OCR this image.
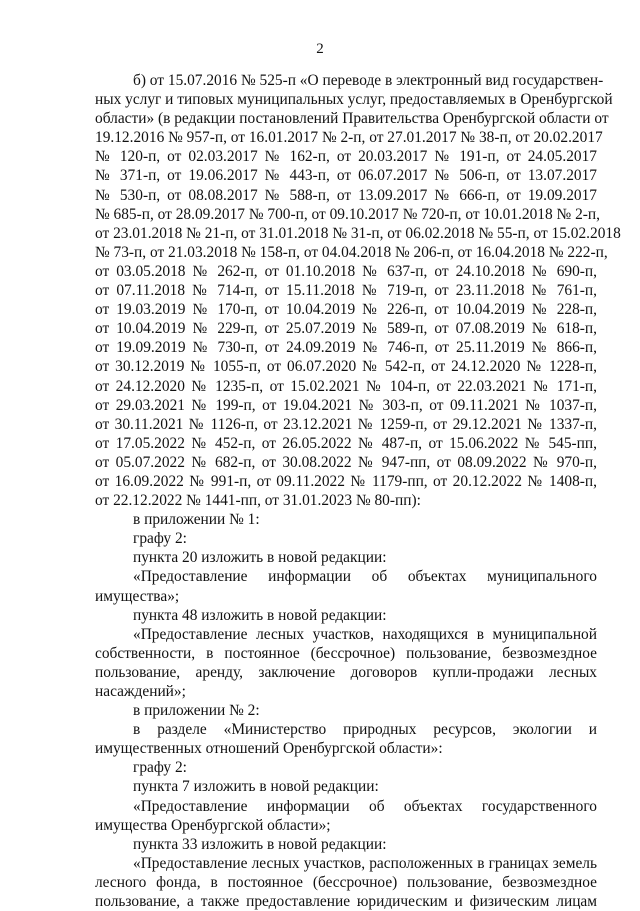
2
б) от 15.07.2016 № 525-п «О переводе в электронный вид государствен-
ных услуг и типовых муниципальных услуг, предоставляемых в Оренбургской
области» (в редакции постановлений Правительства Оренбургской области от
19.12.2016 № 957-п, от 16.01.2017 № 2-п, от 27.01.2017 № 38-п, от 20.02.2017
№ 120-п, от 02.03.2017 № 162-п, от 20.03.2017 № 191-п, от 24.05.2017
№ 371-п, от 19.06.2017 № 443-п, от 06.07.2017 № 506-п, от 13.07.2017
№ 530-п, от 08.08.2017 № 588-п, от 13.09.2017 № 666-п, от 19.09.2017
№ 685-п, от 28.09.2017 № 700-п, от 09.10.2017 № 720-п, от 10.01.2018 № 2-п,
от 23.01.2018 № 21-п, от 31.01.2018 № 31-п, от 06.02.2018 № 55-п, от 15.02.2018
№ 73-п, от 21.03.2018 № 158-п, от 04.04.2018 № 206-п, от 16.04.2018 № 222-п,
от 03.05.2018 № 262-п, от 01.10.2018 № 637-п, от 24.10.2018 № 690-п,
от 07.11.2018 № 714-п, от 15.11.2018 № 719-п, от 23.11.2018 № 761-п,
от 19.03.2019 № 170-п, от 10.04.2019 № 226-п, от 10.04.2019 № 228-п,
от 10.04.2019 № 229-п, от 25.07.2019 № 589-п, от 07.08.2019 № 618-п,
от 19.09.2019 № 730-п, от 24.09.2019 № 746-п, от 25.11.2019 № 866-п,
от 30.12.2019 № 1055-п, от 06.07.2020 № 542-п, от 24.12.2020 № 1228-п,
от 24.12.2020 № 1235-п, от 15.02.2021 № 104-п, от 22.03.2021 № 171-п,
от 29.03.2021 № 199-п, от 19.04.2021 № 303-п, от 09.11.2021 № 1037-п,
от 30.11.2021 № 1126-п, от 23.12.2021 № 1259-п, от 29.12.2021 № 1337-п,
от 17.05.2022 № 452-п, от 26.05.2022 № 487-п, от 15.06.2022 № 545-пп,
от 05.07.2022 № 682-п, от 30.08.2022 № 947-пп, от 08.09.2022 № 970-п,
от 16.09.2022 № 991-п, от 09.11.2022 № 1179-пп, от 20.12.2022 № 1408-п,
от 22.12.2022 № 1441-пп, от 31.01.2023 № 80-пп):
в приложении № 1:
графу 2:
пункта 20 изложить в новой редакции:
«Предоставление информации об объектах муниципального
имущества»;
пункта 48 изложить в новой редакции:
«Предоставление лесных участков, находящихся в муниципальной
собственности, в постоянное (бессрочное) пользование, безвозмездное
пользование, аренду, заключение договоров купли-продажи лесных
насаждений»;
в приложении № 2:
в разделе «Министерство природных ресурсов, экологии и
имущественных отношений Оренбургской области»:
графу 2:
пункта 7 изложить в новой редакции:
«Предоставление информации об объектах государственного
имущества Оренбургской области»;
пункта 33 изложить в новой редакции:
«Предоставление лесных участков, расположенных в границах земель
лесного фонда, в постоянное (бессрочное) пользование, безвозмездное
пользование, а также предоставление юридическим и физическим лицам
